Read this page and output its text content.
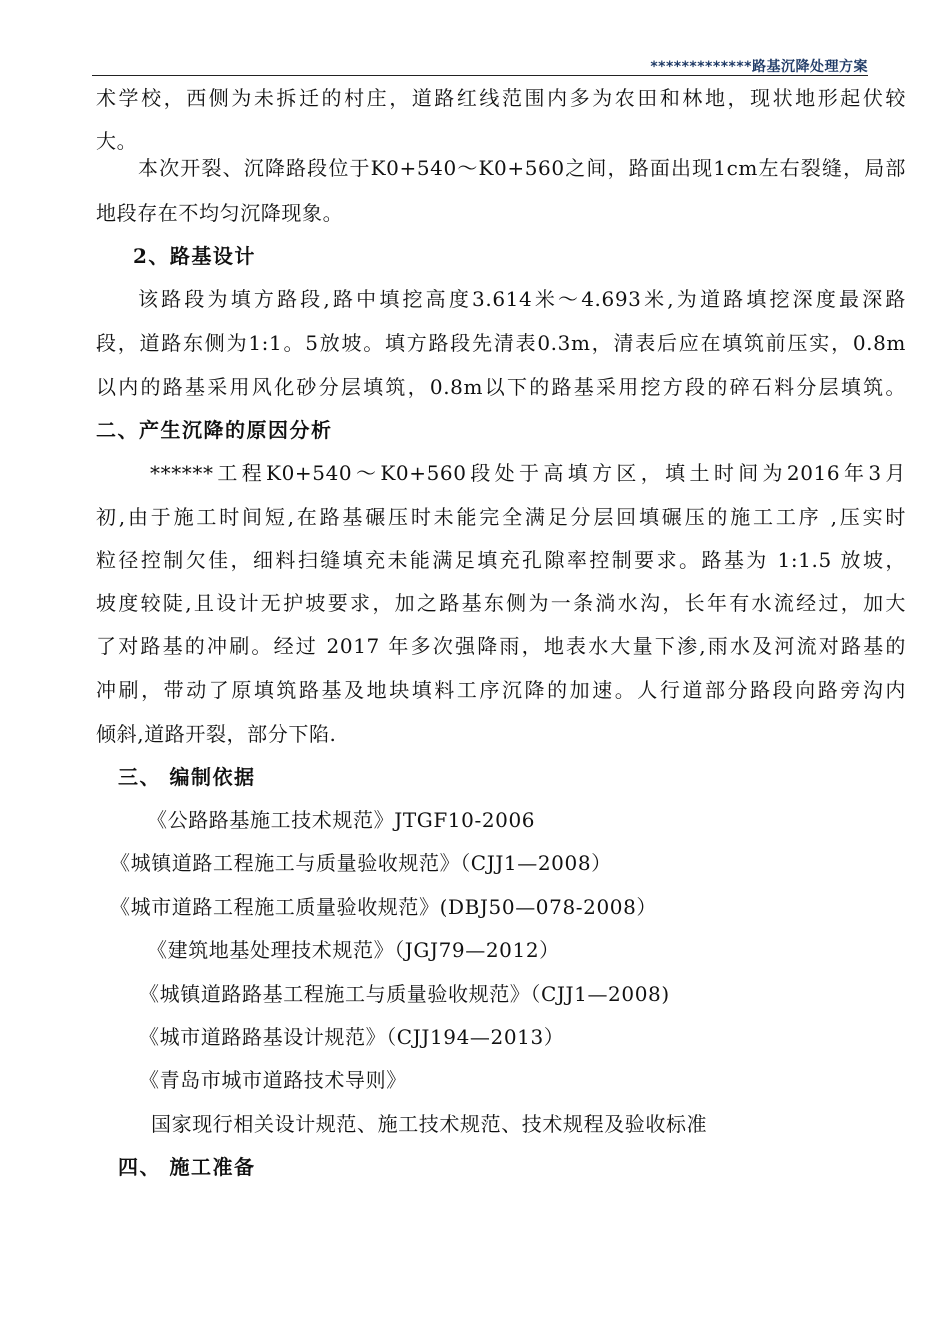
*************路基沉降处理方案
术学校，西侧为未拆迁的村庄，道路红线范围内多为农田和林地，现状地形起伏较
大。
本次开裂、沉降路段位于K0+540～K0+560之间，路面出现1cm左右裂缝，局部
地段存在不均匀沉降现象。
2、路基设计
该路段为填方路段,路中填挖高度3.614米～4.693米,为道路填挖深度最深路
段，道路东侧为1:1。5放坡。填方路段先清表0.3m，清表后应在填筑前压实，0.8m
以内的路基采用风化砂分层填筑，0.8m以下的路基采用挖方段的碎石料分层填筑。
二、产生沉降的原因分析
******工程K0+540～K0+560段处于高填方区，填土时间为2016年3月
初,由于施工时间短,在路基碾压时未能完全满足分层回填碾压的施工工序 ,压实时
粒径控制欠佳，细料扫缝填充未能满足填充孔隙率控制要求。路基为 1:1.5 放坡，
坡度较陡,且设计无护坡要求，加之路基东侧为一条淌水沟，长年有水流经过，加大
了对路基的冲刷。经过 2017 年多次强降雨，地表水大量下渗,雨水及河流对路基的
冲刷，带动了原填筑路基及地块填料工序沉降的加速。人行道部分路段向路旁沟内
倾斜,道路开裂，部分下陷.
三、 编制依据
《公路路基施工技术规范》JTGF10-2006
《城镇道路工程施工与质量验收规范》（CJJ1—2008）
《城市道路工程施工质量验收规范》(DBJ50—078-2008）
《建筑地基处理技术规范》（JGJ79—2012）
《城镇道路路基工程施工与质量验收规范》（CJJ1—2008)
《城市道路路基设计规范》（CJJ194—2013）
《青岛市城市道路技术导则》
国家现行相关设计规范、施工技术规范、技术规程及验收标准
四、 施工准备
